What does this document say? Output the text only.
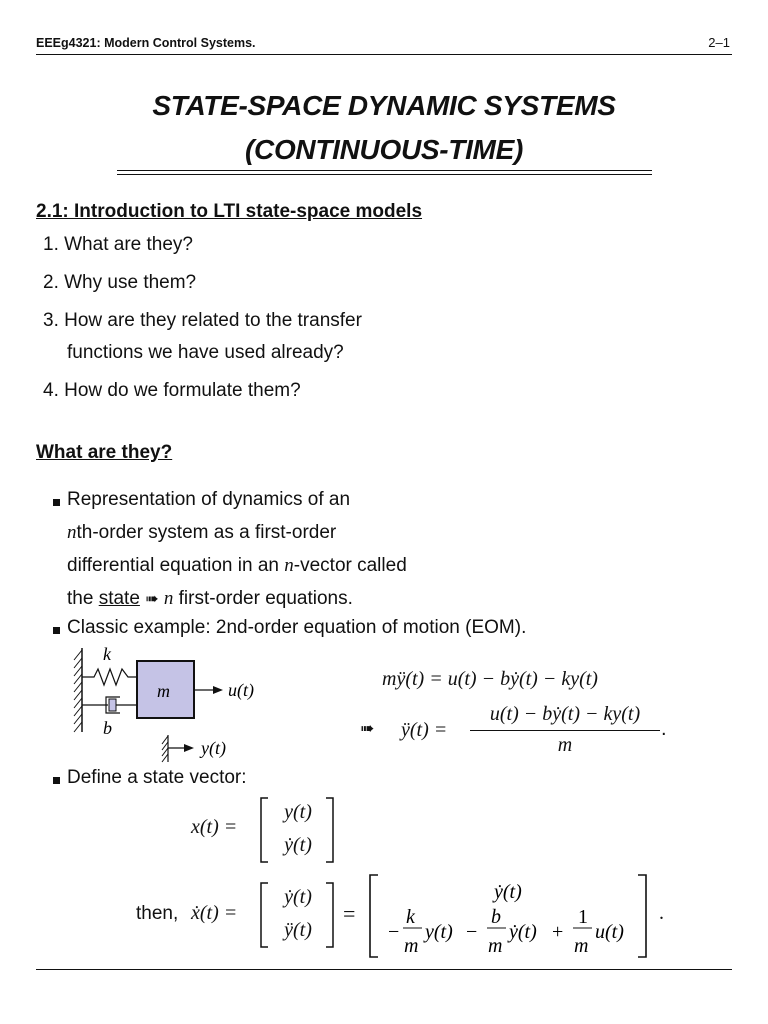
EEEg4321: Modern Control Systems.	2–1
STATE-SPACE DYNAMIC SYSTEMS
(CONTINUOUS-TIME)
2.1: Introduction to LTI state-space models
1. What are they?
2. Why use them?
3. How are they related to the transfer
functions we have used already?
4. How do we formulate them?
What are they?
Representation of dynamics of an
nth-order system as a first-order
differential equation in an n-vector called
the state ➠ n first-order equations.
Classic example: 2nd-order equation of motion (EOM).
k
b
m	u(t)
y(t)
mÿ(t) = u(t) − bẏ(t) − ky(t)
➠ ÿ(t) =
u(t) − bẏ(t) − ky(t)
m
.
Define a state vector:
x(t) =
y(t)
ẏ(t)
then, ẋ(t) =
ẏ(t)
ÿ(t)
=
ẏ(t)
−
k
m
y(t) −
b
m
ẏ(t) +
1
m
u(t)
.
